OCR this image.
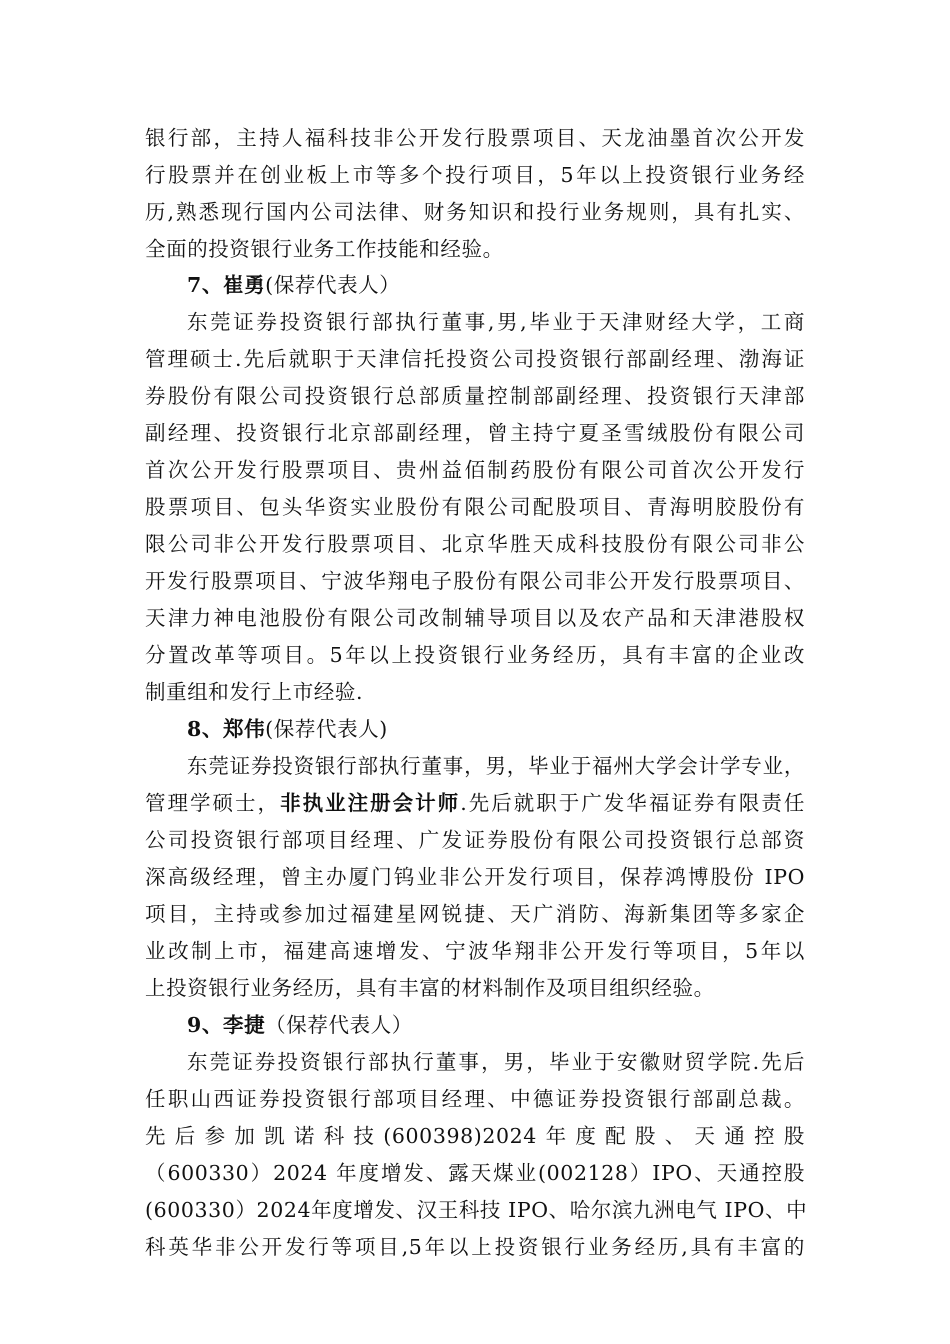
银行部，主持人福科技非公开发行股票项目、天龙油墨首次公开发
行股票并在创业板上市等多个投行项目，5年以上投资银行业务经
历,熟悉现行国内公司法律、财务知识和投行业务规则，具有扎实、
全面的投资银行业务工作技能和经验。
7、崔勇(保荐代表人）
东莞证券投资银行部执行董事,男,毕业于天津财经大学，工商
管理硕士.先后就职于天津信托投资公司投资银行部副经理、渤海证
券股份有限公司投资银行总部质量控制部副经理、投资银行天津部
副经理、投资银行北京部副经理，曾主持宁夏圣雪绒股份有限公司
首次公开发行股票项目、贵州益佰制药股份有限公司首次公开发行
股票项目、包头华资实业股份有限公司配股项目、青海明胶股份有
限公司非公开发行股票项目、北京华胜天成科技股份有限公司非公
开发行股票项目、宁波华翔电子股份有限公司非公开发行股票项目、
天津力神电池股份有限公司改制辅导项目以及农产品和天津港股权
分置改革等项目。5年以上投资银行业务经历，具有丰富的企业改
制重组和发行上市经验.
8、郑伟(保荐代表人)
东莞证券投资银行部执行董事，男，毕业于福州大学会计学专业，
管理学硕士，非执业注册会计师.先后就职于广发华福证券有限责任
公司投资银行部项目经理、广发证券股份有限公司投资银行总部资
深高级经理，曾主办厦门钨业非公开发行项目，保荐鸿博股份 IPO
项目，主持或参加过福建星网锐捷、天广消防、海新集团等多家企
业改制上市，福建高速增发、宁波华翔非公开发行等项目，5年以
上投资银行业务经历，具有丰富的材料制作及项目组织经验。
9、李捷（保荐代表人）
东莞证券投资银行部执行董事，男，毕业于安徽财贸学院.先后
任职山西证券投资银行部项目经理、中德证券投资银行部副总裁。
先后参加凯诺科技(600398)2024年度配股、天通控股
（600330）2024 年度增发、露天煤业(002128）IPO、天通控股
(600330）2024年度增发、汉王科技 IPO、哈尔滨九洲电气 IPO、中
科英华非公开发行等项目,5年以上投资银行业务经历,具有丰富的
